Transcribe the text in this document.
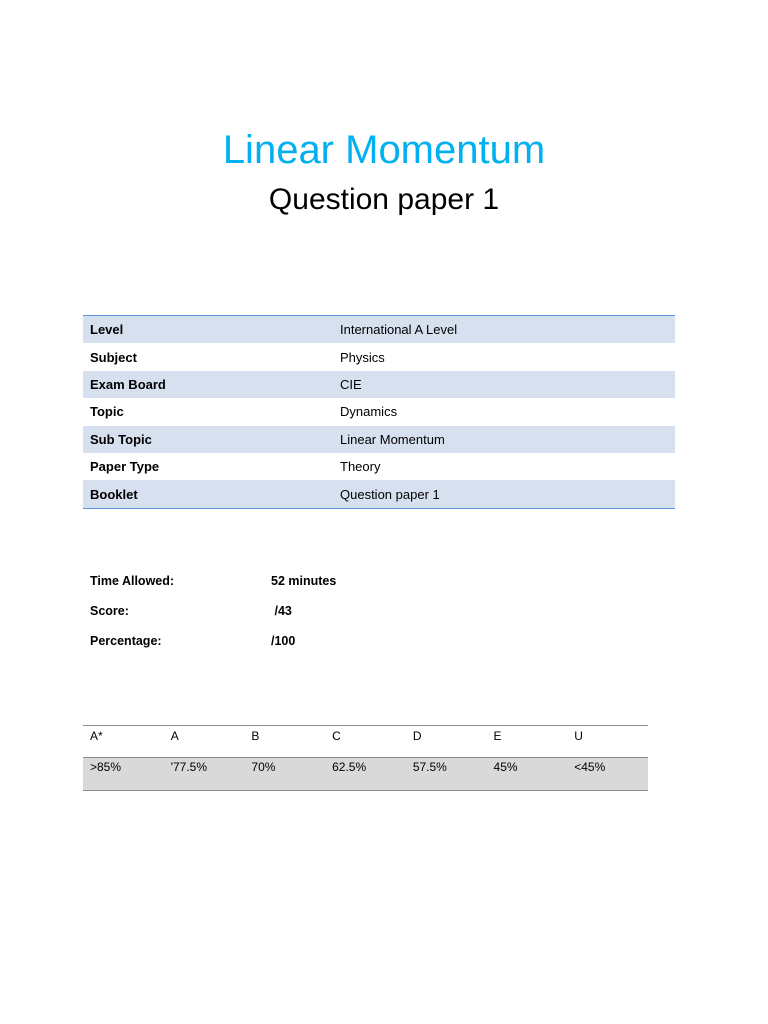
Linear Momentum
Question paper 1
Level	International A Level
Subject	Physics
Exam Board	CIE
Topic	Dynamics
Sub Topic	Linear Momentum
Paper Type	Theory
Booklet	Question paper 1
Time Allowed:	52 minutes
Score:	/43
Percentage:	/100
A*	A	B	C	D	E	U
>85%	'77.5%	70%	62.5%	57.5%	45%	<45%
